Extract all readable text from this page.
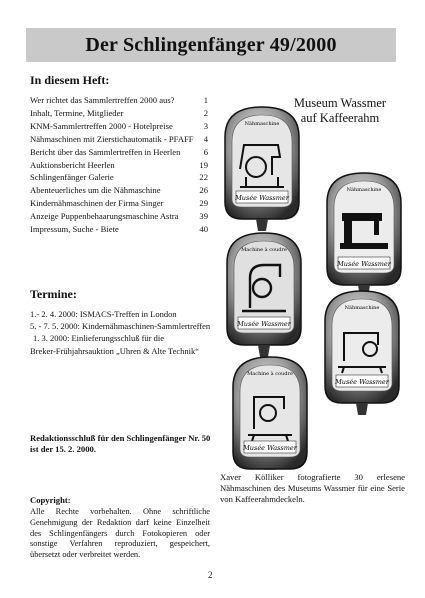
Der Schlingenfänger 49/2000
In diesem Heft:
Wer richtet das Sammlertreffen 2000 aus?	1
Inhalt, Termine, Mitglieder	2
KNM-Sammlertreffen 2000 - Hotelpreise	3
Nähmaschinen mit Zierstichautomatik - PFAFF	4
Bericht über das Sammlertreffen in Heerlen	6
Auktionsbericht Heerlen	19
Schlingenfänger Galerie	22
Abenteuerliches um die Nähmaschine	26
Kindernähmaschinen der Firma Singer	29
Anzeige Puppenbehaarungsmaschine Astra	39
Impressum, Suche - Biete	40
Termine:
1.- 2. 4. 2000: ISMACS-Treffen in London
5. - 7. 5. 2000: Kindernähmaschinen-Sammlertreffen
1. 3. 2000: Einlieferungsschluß für die
Breker-Frühjahrsauktion „Uhren & Alte Technik“
Redaktionsschluß für den Schlingenfänger Nr. 50
ist der 15. 2. 2000.
Museum Wassmer
auf Kaffeerahm
Nähmaschine
Musée Wassmer
Nähmaschine
Musée Wassmer
Machine à coudre
Musée Wassmer
Nähmaschine
Musée Wassmer
Machine à coudre
Musée Wassmer
Xaver Kölliker fotografierte 30 erlesene Nähmaschinen des Museums Wassmer für eine Serie von Kaffeerahmdeckeln.
Copyright:
Alle Rechte vorbehalten. Ohne schriftliche Genehmigung der Redaktion darf keine Einzelheit des Schlingenfängers durch Fotokopieren oder sonstige Verfahren reproduziert, gespeichert, übersetzt oder verbreitet werden.
2
